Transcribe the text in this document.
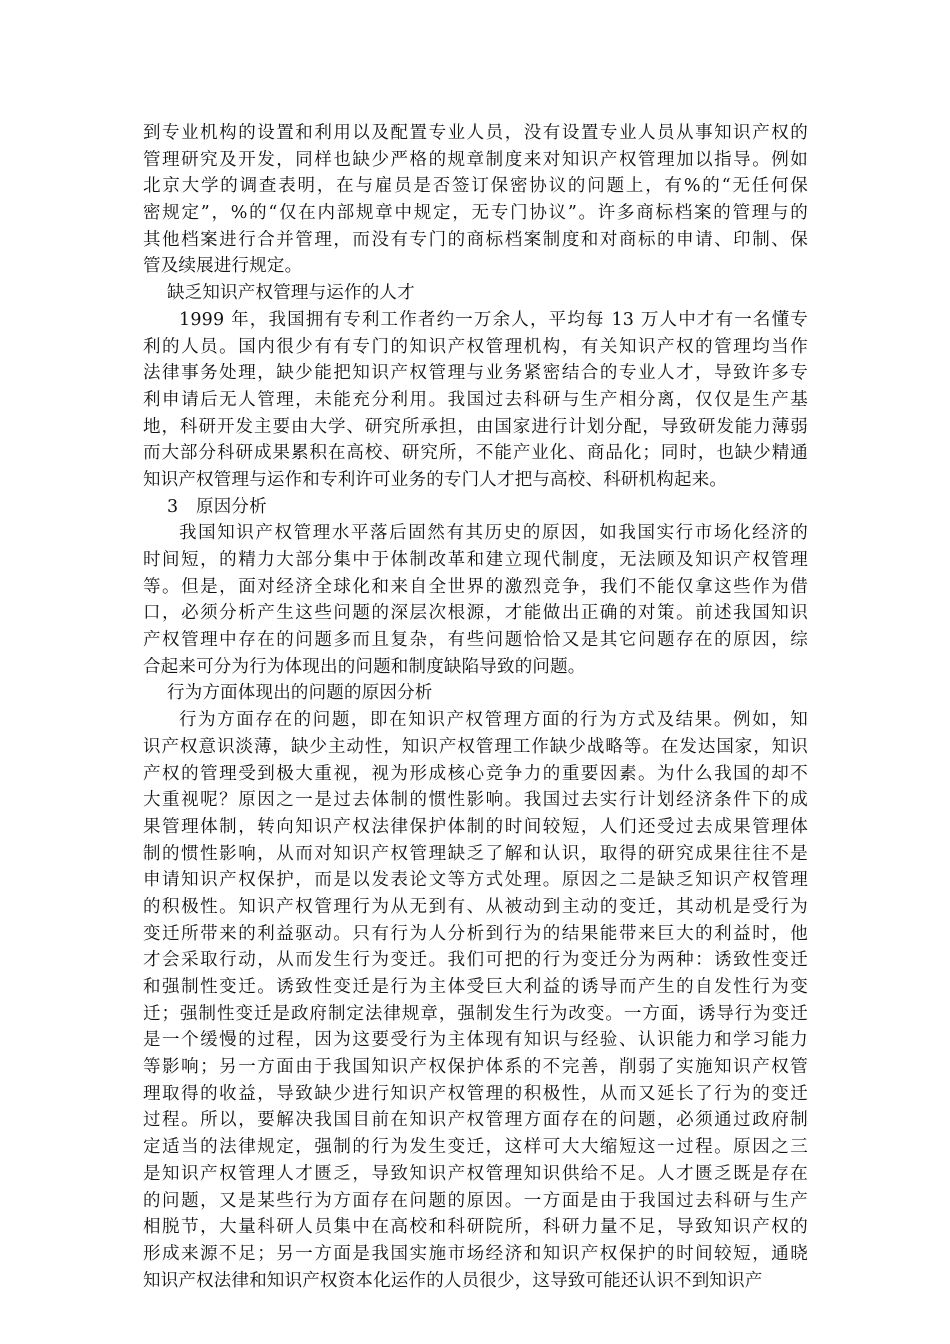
到专业机构的设置和利用以及配置专业人员，没有设置专业人员从事知识产权的
管理研究及开发，同样也缺少严格的规章制度来对知识产权管理加以指导。例如
北京大学的调查表明，在与雇员是否签订保密协议的问题上，有%的“无任何保
密规定”，%的“仅在内部规章中规定，无专门协议”。许多商标档案的管理与的
其他档案进行合并管理，而没有专门的商标档案制度和对商标的申请、印制、保
管及续展进行规定。
缺乏知识产权管理与运作的人才
1999 年，我国拥有专利工作者约一万余人，平均每 13 万人中才有一名懂专
利的人员。国内很少有有专门的知识产权管理机构，有关知识产权的管理均当作
法律事务处理，缺少能把知识产权管理与业务紧密结合的专业人才，导致许多专
利申请后无人管理，未能充分利用。我国过去科研与生产相分离，仅仅是生产基
地，科研开发主要由大学、研究所承担，由国家进行计划分配，导致研发能力薄弱
而大部分科研成果累积在高校、研究所，不能产业化、商品化；同时，也缺少精通
知识产权管理与运作和专利许可业务的专门人才把与高校、科研机构起来。
3　原因分析
我国知识产权管理水平落后固然有其历史的原因，如我国实行市场化经济的
时间短，的精力大部分集中于体制改革和建立现代制度，无法顾及知识产权管理
等。但是，面对经济全球化和来自全世界的激烈竞争，我们不能仅拿这些作为借
口，必须分析产生这些问题的深层次根源，才能做出正确的对策。前述我国知识
产权管理中存在的问题多而且复杂，有些问题恰恰又是其它问题存在的原因，综
合起来可分为行为体现出的问题和制度缺陷导致的问题。
行为方面体现出的问题的原因分析
行为方面存在的问题，即在知识产权管理方面的行为方式及结果。例如，知
识产权意识淡薄，缺少主动性，知识产权管理工作缺少战略等。在发达国家，知识
产权的管理受到极大重视，视为形成核心竞争力的重要因素。为什么我国的却不
大重视呢？原因之一是过去体制的惯性影响。我国过去实行计划经济条件下的成
果管理体制，转向知识产权法律保护体制的时间较短，人们还受过去成果管理体
制的惯性影响，从而对知识产权管理缺乏了解和认识，取得的研究成果往往不是
申请知识产权保护，而是以发表论文等方式处理。原因之二是缺乏知识产权管理
的积极性。知识产权管理行为从无到有、从被动到主动的变迁，其动机是受行为
变迁所带来的利益驱动。只有行为人分析到行为的结果能带来巨大的利益时，他
才会采取行动，从而发生行为变迁。我们可把的行为变迁分为两种：诱致性变迁
和强制性变迁。诱致性变迁是行为主体受巨大利益的诱导而产生的自发性行为变
迁；强制性变迁是政府制定法律规章，强制发生行为改变。一方面，诱导行为变迁
是一个缓慢的过程，因为这要受行为主体现有知识与经验、认识能力和学习能力
等影响；另一方面由于我国知识产权保护体系的不完善，削弱了实施知识产权管
理取得的收益，导致缺少进行知识产权管理的积极性，从而又延长了行为的变迁
过程。所以，要解决我国目前在知识产权管理方面存在的问题，必须通过政府制
定适当的法律规定，强制的行为发生变迁，这样可大大缩短这一过程。原因之三
是知识产权管理人才匮乏，导致知识产权管理知识供给不足。人才匮乏既是存在
的问题，又是某些行为方面存在问题的原因。一方面是由于我国过去科研与生产
相脱节，大量科研人员集中在高校和科研院所，科研力量不足，导致知识产权的
形成来源不足；另一方面是我国实施市场经济和知识产权保护的时间较短，通晓
知识产权法律和知识产权资本化运作的人员很少，这导致可能还认识不到知识产
